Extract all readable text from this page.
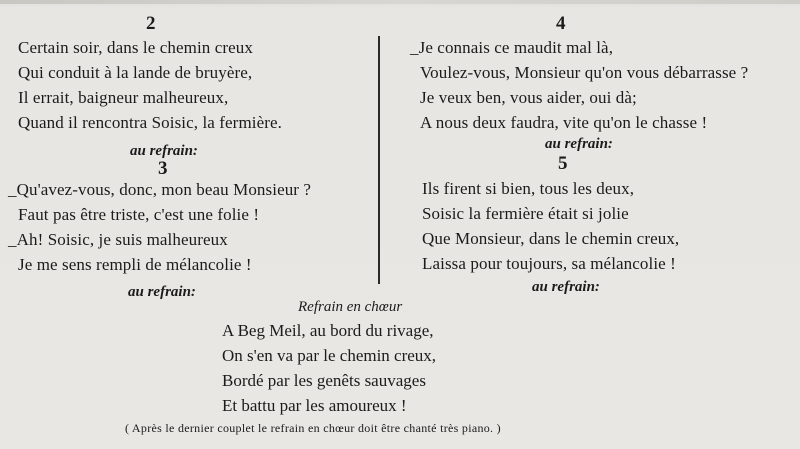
2
Certain soir, dans le chemin creux
Qui conduit à la lande de bruyère,
Il errait, baigneur malheureux,
Quand il rencontra Soisic, la fermière.
au refrain:
3
_Qu'avez-vous, donc, mon beau Monsieur ?
Faut pas être triste, c'est une folie !
_Ah! Soisic, je suis malheureux
Je me sens rempli de mélancolie !
au refrain:
4
_Je connais ce maudit mal là,
Voulez-vous, Monsieur qu'on vous débarrasse ?
Je veux ben, vous aider, oui dà;
A nous deux faudra, vite qu'on le chasse !
au refrain:
5
Ils firent si bien, tous les deux,
Soisic la fermière était si jolie
Que Monsieur, dans le chemin creux,
Laissa pour toujours, sa mélancolie !
au refrain:
Refrain en chœur
A Beg Meil, au bord du rivage,
On s'en va par le chemin creux,
Bordé par les genêts sauvages
Et battu par les amoureux !
( Après le dernier couplet le refrain en chœur doit être chanté très piano. )
